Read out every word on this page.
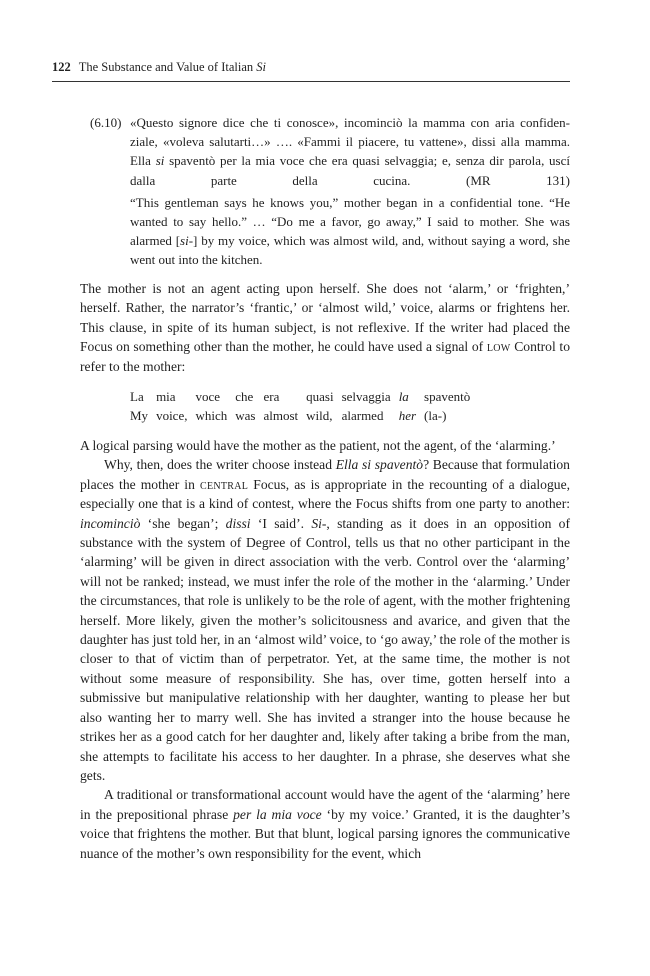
122 The Substance and Value of Italian Si
(6.10) «Questo signore dice che ti conosce», incominciò la mamma con aria confiden-

ziale, «voleva salutarti…» …. «Fammi il piacere, tu vattene», dissi alla mamma.

Ella si spaventò per la mia voce che era quasi selvaggia; e, senza dir parola, uscí

dalla parte della cucina.	(MR 131)

“This gentleman says he knows you,” mother began in a confidential tone. “He wanted to say hello.” … “Do me a favor, go away,” I said to mother. She was alarmed [si-] by my voice, which was almost wild, and, without saying a word, she went out into the kitchen.

The mother is not an agent acting upon herself. She does not ‘alarm,’ or ‘frighten,’ herself. Rather, the narrator’s ‘frantic,’ or ‘almost wild,’ voice, alarms or frightens her. This clause, in spite of its human subject, is not reflexive. If the writer had placed the Focus on something other than the mother, he could have used a signal of low Control to refer to the mother:

La	mia	voce	che	era	quasi	selvaggia	la	spaventò
My	voice,	which	was	almost	wild,	alarmed	her	(la-)

A logical parsing would have the mother as the patient, not the agent, of the ‘alarming.’

Why, then, does the writer choose instead Ella si spaventò? Because that formulation places the mother in central Focus, as is appropriate in the recounting of a dialogue, especially one that is a kind of contest, where the Focus shifts from one party to another: incominciò ‘she began’; dissi ‘I said’. Si-, standing as it does in an opposition of substance with the system of Degree of Control, tells us that no other participant in the ‘alarming’ will be given in direct association with the verb. Control over the ‘alarming’ will not be ranked; instead, we must infer the role of the mother in the ‘alarming.’ Under the circumstances, that role is unlikely to be the role of agent, with the mother frightening herself. More likely, given the mother’s solicitousness and avarice, and given that the daughter has just told her, in an ‘almost wild’ voice, to ‘go away,’ the role of the mother is closer to that of victim than of perpetrator. Yet, at the same time, the mother is not without some measure of responsibility. She has, over time, gotten herself into a submissive but manipulative relationship with her daughter, wanting to please her but also wanting her to marry well. She has invited a stranger into the house because he strikes her as a good catch for her daughter and, likely after taking a bribe from the man, she attempts to facilitate his access to her daughter. In a phrase, she deserves what she gets.

A traditional or transformational account would have the agent of the ‘alarming’ here in the prepositional phrase per la mia voce ‘by my voice.’ Granted, it is the daughter’s voice that frightens the mother. But that blunt, logical parsing ignores the communicative nuance of the mother’s own responsibility for the event, which
